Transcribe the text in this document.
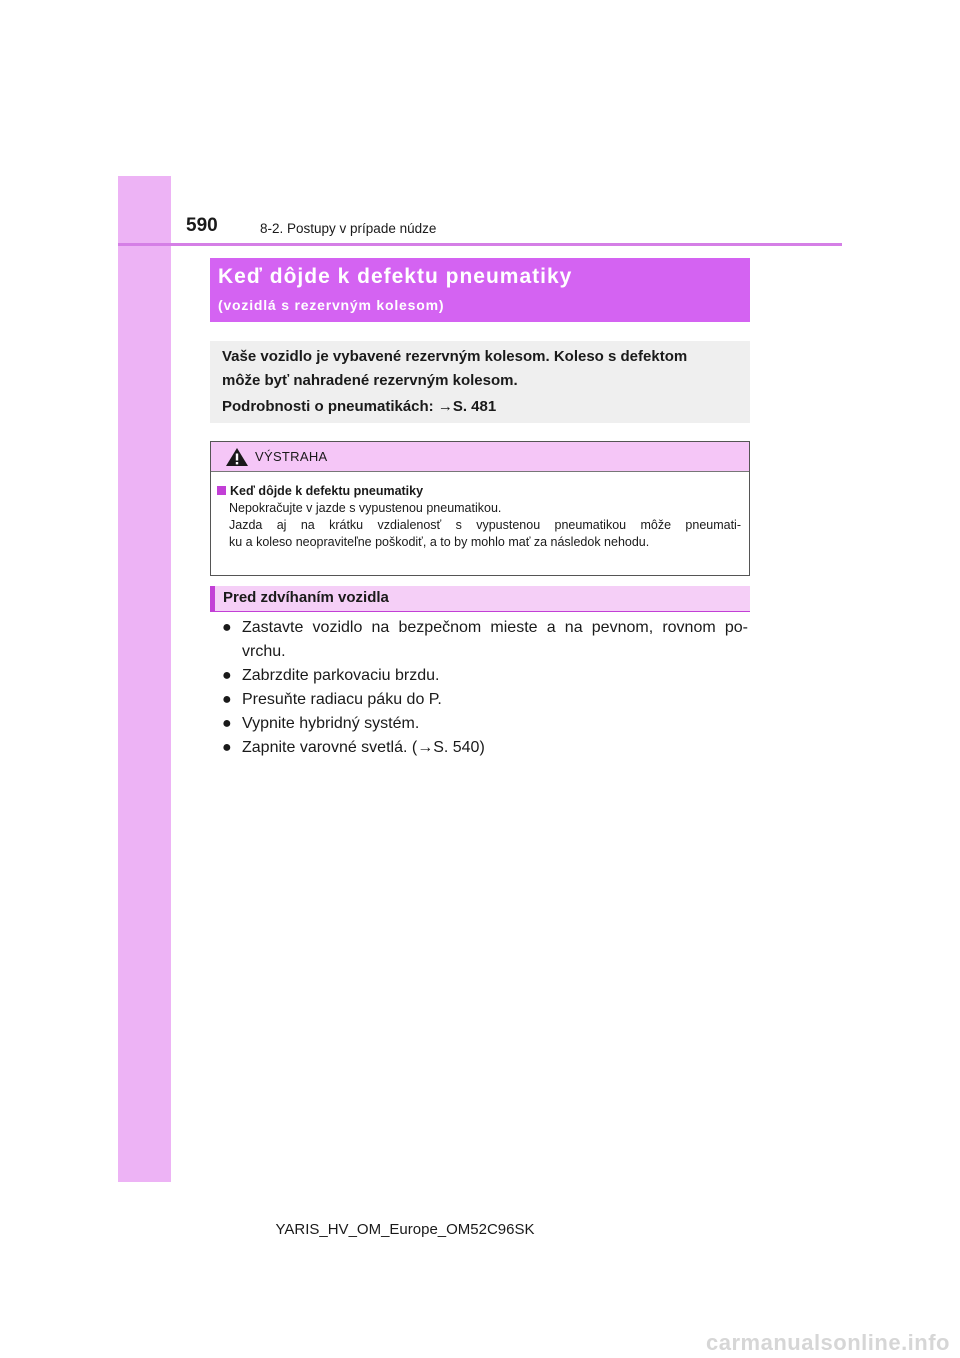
590	8-2. Postupy v prípade núdze
Keď dôjde k defektu pneumatiky
(vozidlá s rezervným kolesom)
Vaše vozidlo je vybavené rezervným kolesom. Koleso s defektom
môže byť nahradené rezervným kolesom.
Podrobnosti o pneumatikách: →S. 481
VÝSTRAHA
Keď dôjde k defektu pneumatiky
Nepokračujte v jazde s vypustenou pneumatikou.
Jazda aj na krátku vzdialenosť s vypustenou pneumatikou môže pneumati-
ku a koleso neopraviteľne poškodiť, a to by mohlo mať za následok nehodu.
Pred zdvíhaním vozidla
● Zastavte vozidlo na bezpečnom mieste a na pevnom, rovnom po-vrchu.
● Zabrzdite parkovaciu brzdu.
● Presuňte radiacu páku do P.
● Vypnite hybridný systém.
● Zapnite varovné svetlá. (→S. 540)
YARIS_HV_OM_Europe_OM52C96SK
carmanualsonline.info
